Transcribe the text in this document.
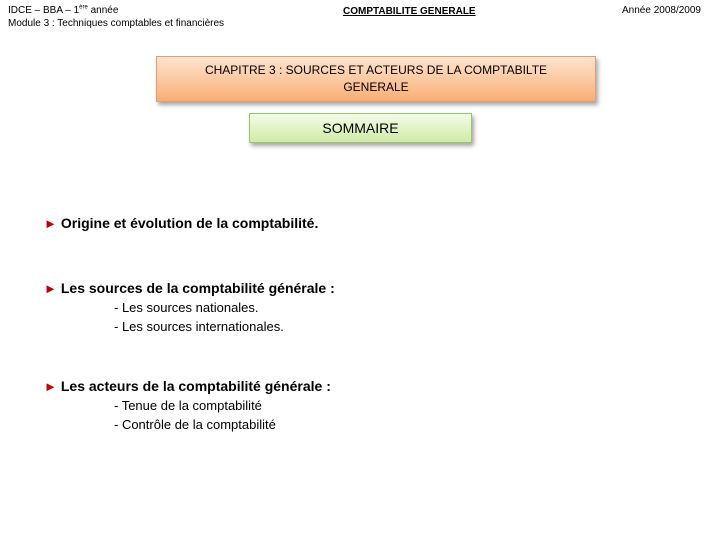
IDCE – BBA – 1ère année
Module 3 : Techniques comptables et financières
COMPTABILITE GENERALE	Année 2008/2009
CHAPITRE 3 : SOURCES ET ACTEURS DE LA COMPTABILTE GENERALE
SOMMAIRE
► Origine et évolution de la comptabilité.
► Les sources de la comptabilité générale :
- Les sources nationales.
- Les sources internationales.
► Les acteurs de la comptabilité générale :
- Tenue de la comptabilité
- Contrôle de la comptabilité
